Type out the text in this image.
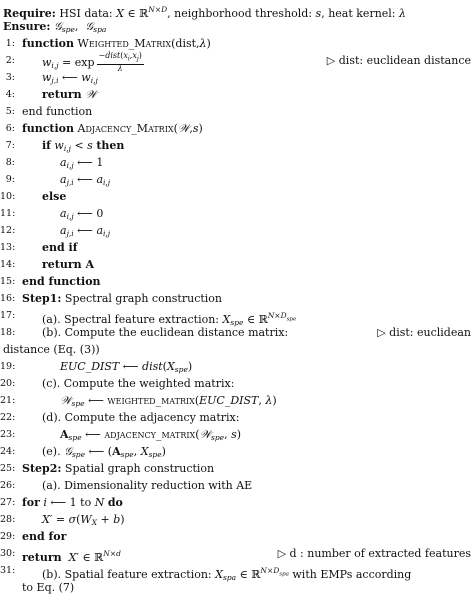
Require: HSI data: X ∈ ℝ$^{N\times D}$, neighborhood threshold: s, heat kernel: λ
Ensure: 𝒢$_{spe}$,  𝒢$_{spa}$
1: function Weighted_Matrix(dist,λ)
2: $w_{i,j} = \exp \frac{-dist(x_i,x_j)}{\lambda}$	▷ dist: euclidean distance
3: $w_{j,i}$ ⟵ $w_{i,j}$
4: return 𝒲
5: end function
6: function Adjacency_Matrix(𝒲,s)
7: if $w_{i,j} < s$ then
8:	$a_{i,j}$ ⟵ 1
9:	$a_{j,i}$ ⟵ $a_{i,j}$
10: else
11:	$a_{i,j}$ ⟵ 0
12:	$a_{j,i}$ ⟵ $a_{i,j}$
13: end if
14: return A
15: end function
16: Step1: Spectral graph construction
17: (a). Spectral feature extraction: $X_{spe}$ ∈ ℝ$^{N\times D_{spe}}$
18: (b). Compute the euclidean distance matrix:	▷ dist: euclidean
distance (Eq. (3))
19:	EUC_DIST ⟵ $dist(X_{spe})$
20: (c). Compute the weighted matrix:
21:	𝒲$_{spe}$ ⟵ weighted_matrix(EUC_DIST, λ)
22: (d). Compute the adjacency matrix:
23:	$A_{spe}$ ⟵ adjacency_matrix(𝒲$_{spe}$, s)
24: (e). 𝒢$_{spe}$ ⟵ ($A_{spe}$, $X_{spe}$)
25: Step2: Spatial graph construction
26: (a). Dimensionality reduction with AE
27: for i ⟵ 1 to N do
28: $X' = \sigma(W_X + b)$
29: end for
30: return X′ ∈ ℝ$^{N\times d}$	▷ d : number of extracted features
31: (b). Spatial feature extraction: $X_{spa}$ ∈ ℝ$^{N\times D_{spa}}$ with EMPs according
to Eq. (7)
